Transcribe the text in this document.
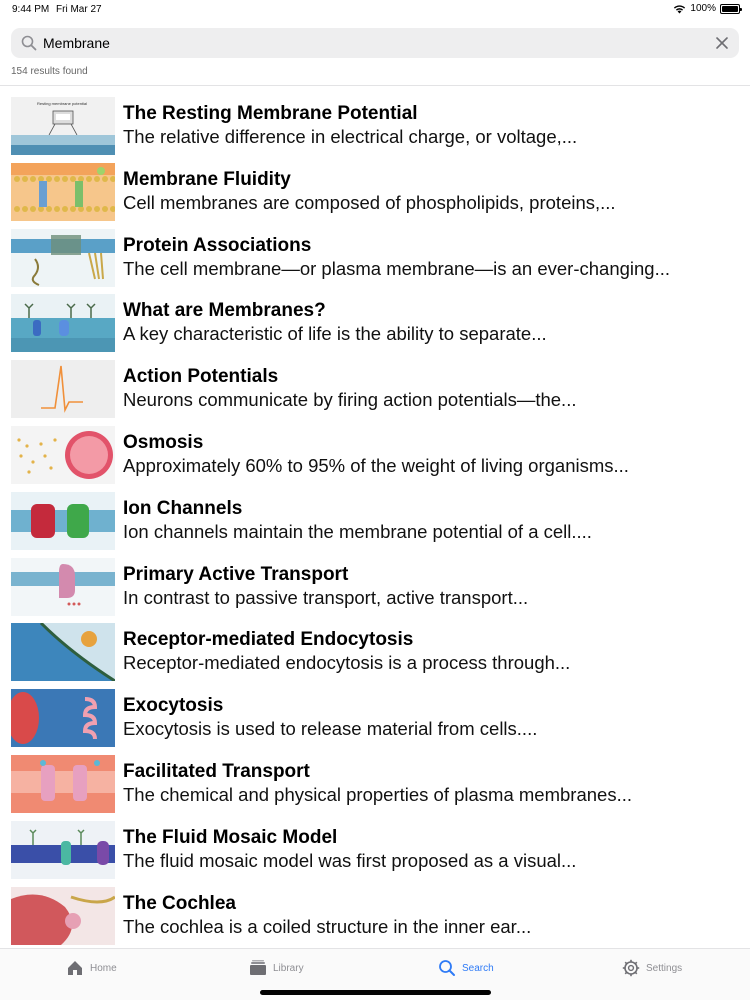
9:44 PM Fri Mar 27	100%
Membrane
154 results found
Resting membrane potential The Resting Membrane Potential
The relative difference in electrical charge, or voltage,...
Membrane Fluidity
Cell membranes are composed of phospholipids, proteins,...
Protein Associations
The cell membrane—or plasma membrane—is an ever-changing...
What are Membranes?
A key characteristic of life is the ability to separate...
Action Potentials
Neurons communicate by firing action potentials—the...
Osmosis
Approximately 60% to 95% of the weight of living organisms...
Ion Channels
Ion channels maintain the membrane potential of a cell....
Primary Active Transport
In contrast to passive transport, active transport...
Receptor-mediated Endocytosis
Receptor-mediated endocytosis is a process through...
Exocytosis
Exocytosis is used to release material from cells....
Facilitated Transport
The chemical and physical properties of plasma membranes...
The Fluid Mosaic Model
The fluid mosaic model was first proposed as a visual...
The Cochlea
The cochlea is a coiled structure in the inner ear...
Home	Library	Search	Settings
